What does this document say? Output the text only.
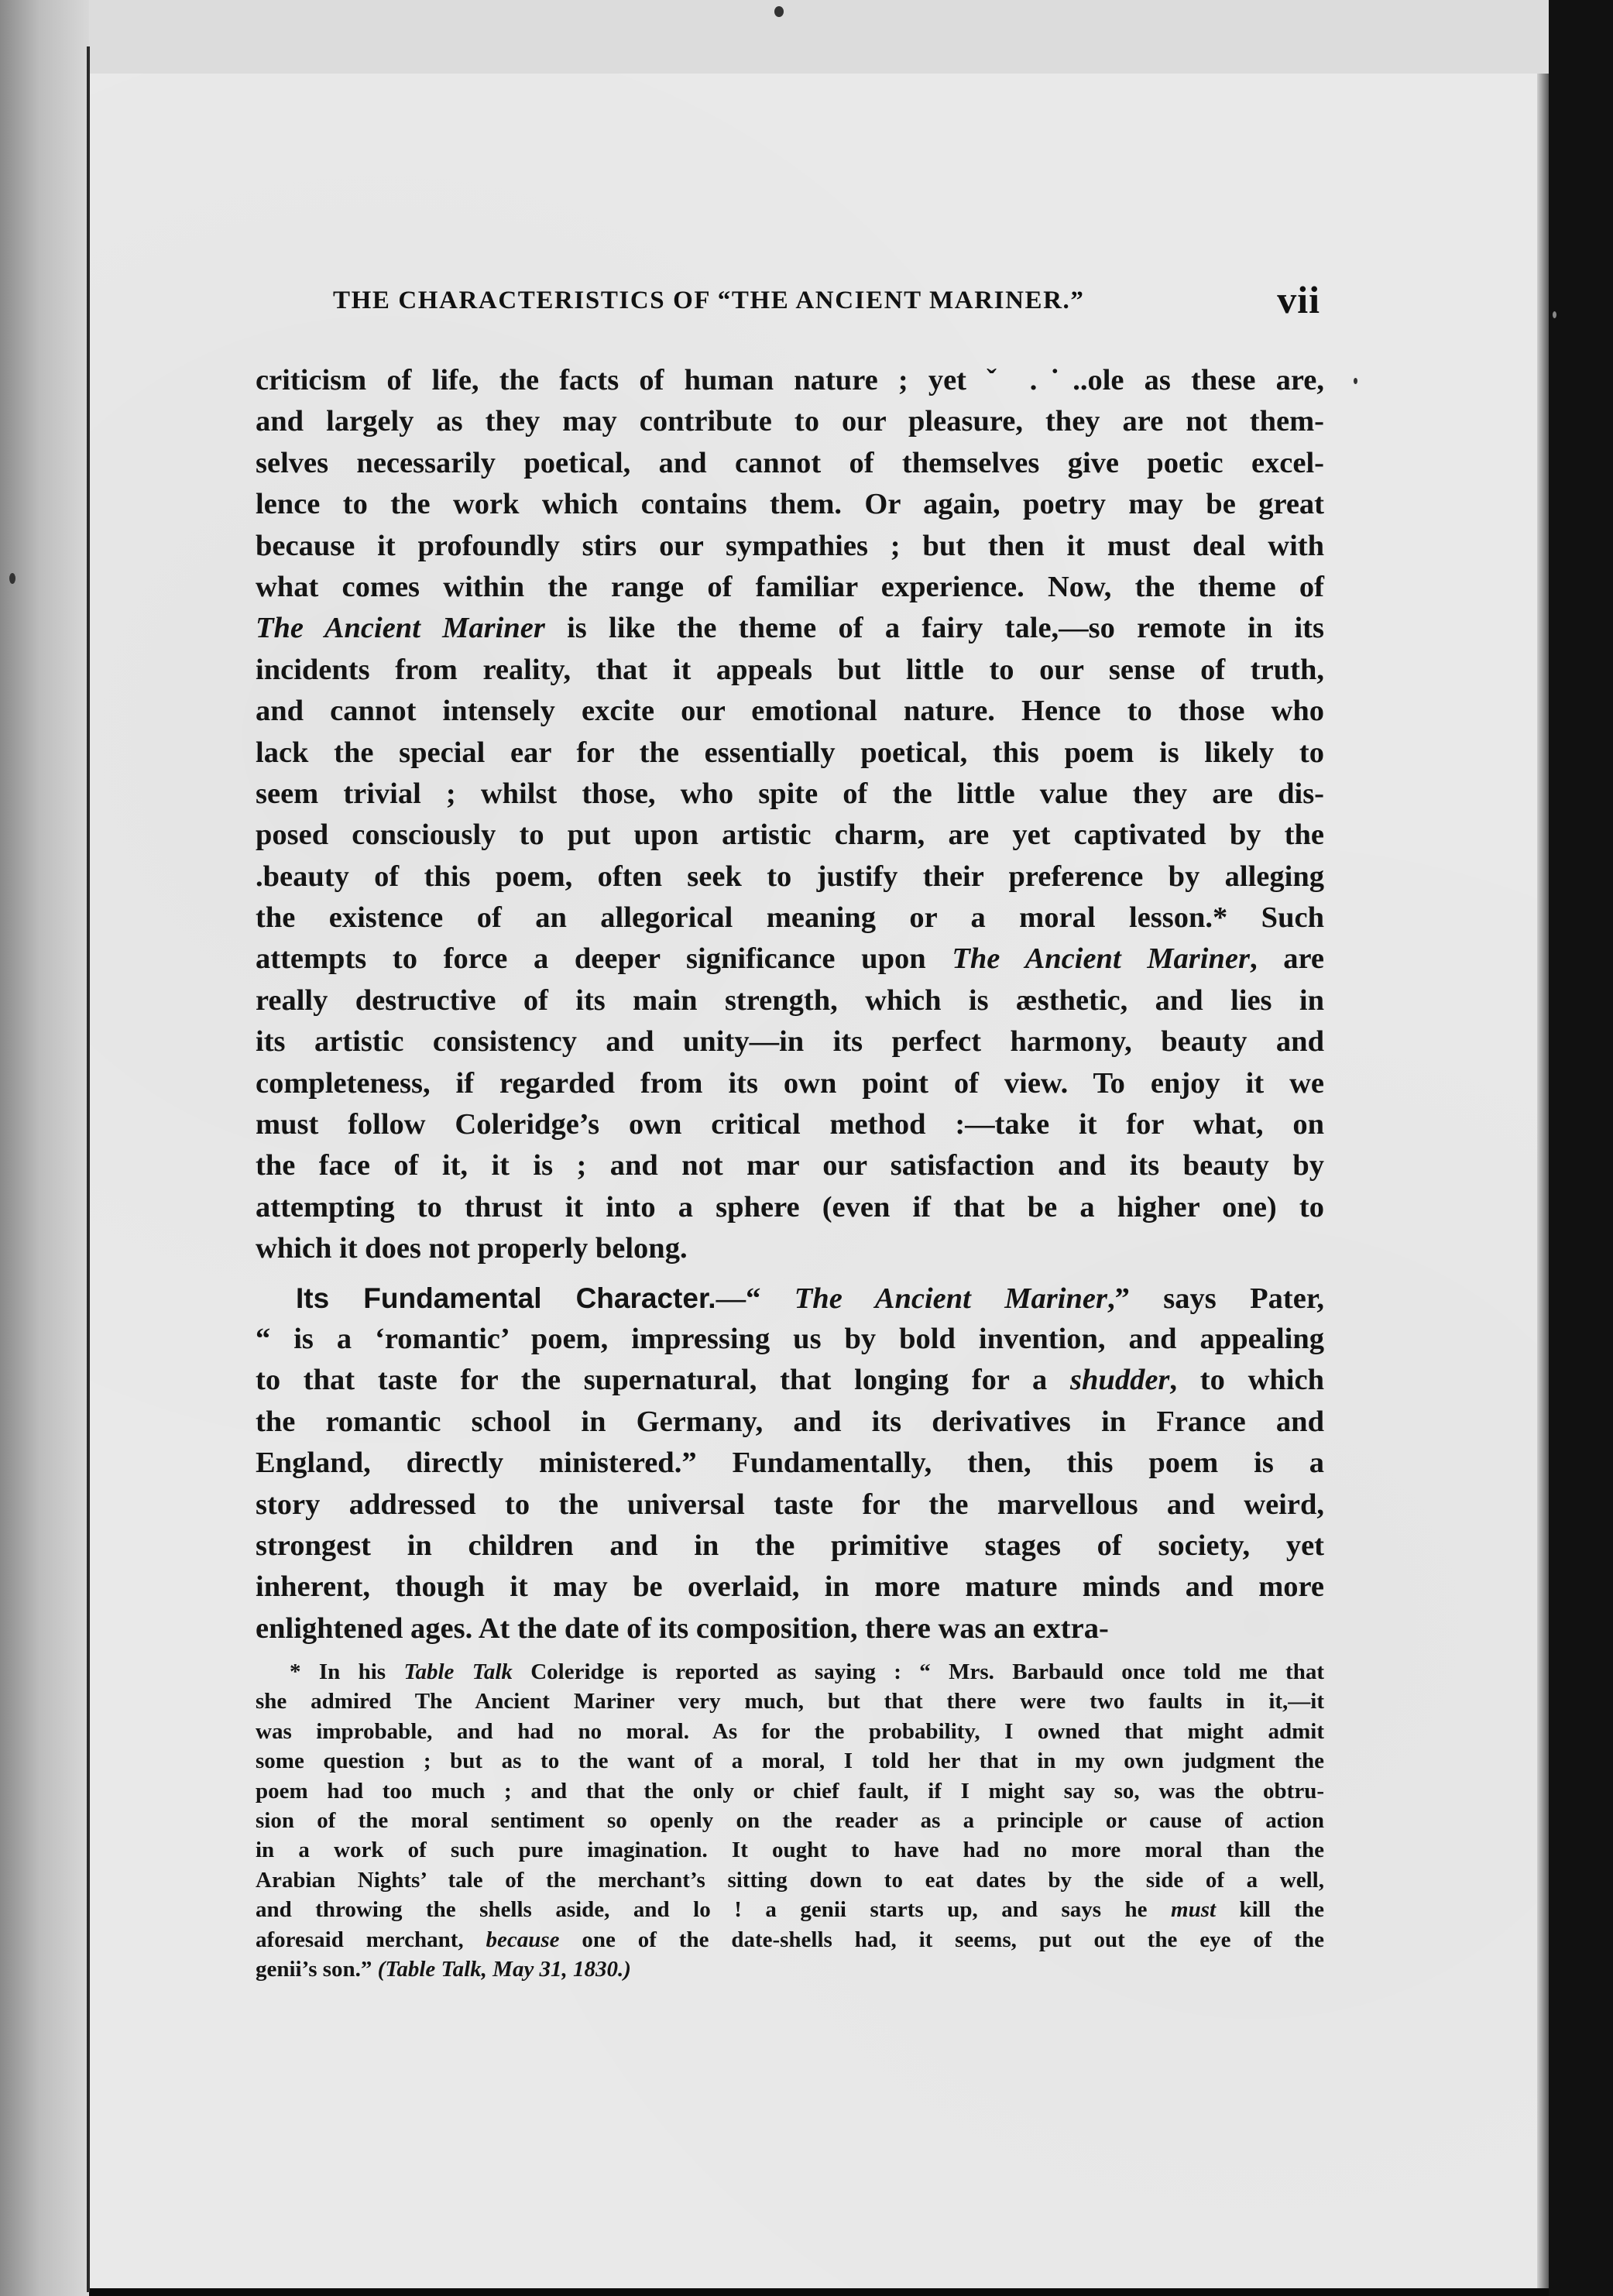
THE CHARACTERISTICS OF “THE ANCIENT MARINER.”	vii
criticism of life, the facts of human nature ; yet ˇ .˙..ole as these are,
and largely as they may contribute to our pleasure, they are not them-
selves necessarily poetical, and cannot of themselves give poetic excel-
lence to the work which contains them. Or again, poetry may be great
because it profoundly stirs our sympathies ; but then it must deal with
what comes within the range of familiar experience. Now, the theme of
The Ancient Mariner is like the theme of a fairy tale,—so remote in its
incidents from reality, that it appeals but little to our sense of truth,
and cannot intensely excite our emotional nature. Hence to those who
lack the special ear for the essentially poetical, this poem is likely to
seem trivial ; whilst those, who spite of the little value they are dis-
posed consciously to put upon artistic charm, are yet captivated by the
.beauty of this poem, often seek to justify their preference by alleging
the existence of an allegorical meaning or a moral lesson.* Such
attempts to force a deeper significance upon The Ancient Mariner, are
really destructive of its main strength, which is æsthetic, and lies in
its artistic consistency and unity—in its perfect harmony, beauty and
completeness, if regarded from its own point of view. To enjoy it we
must follow Coleridge’s own critical method :—take it for what, on
the face of it, it is ; and not mar our satisfaction and its beauty by
attempting to thrust it into a sphere (even if that be a higher one) to
which it does not properly belong.
Its Fundamental Character.—“ The Ancient Mariner,” says Pater,
“ is a ‘romantic’ poem, impressing us by bold invention, and appealing
to that taste for the supernatural, that longing for a shudder, to which
the romantic school in Germany, and its derivatives in France and
England, directly ministered.” Fundamentally, then, this poem is a
story addressed to the universal taste for the marvellous and weird,
strongest in children and in the primitive stages of society, yet
inherent, though it may be overlaid, in more mature minds and more
enlightened ages. At the date of its composition, there was an extra-
* In his Table Talk Coleridge is reported as saying : “ Mrs. Barbauld once told me that
she admired The Ancient Mariner very much, but that there were two faults in it,—it
was improbable, and had no moral. As for the probability, I owned that might admit
some question ; but as to the want of a moral, I told her that in my own judgment the
poem had too much ; and that the only or chief fault, if I might say so, was the obtru-
sion of the moral sentiment so openly on the reader as a principle or cause of action
in a work of such pure imagination. It ought to have had no more moral than the
Arabian Nights’ tale of the merchant’s sitting down to eat dates by the side of a well,
and throwing the shells aside, and lo ! a genii starts up, and says he must kill the
aforesaid merchant, because one of the date-shells had, it seems, put out the eye of the
genii’s son.” (Table Talk, May 31, 1830.)
